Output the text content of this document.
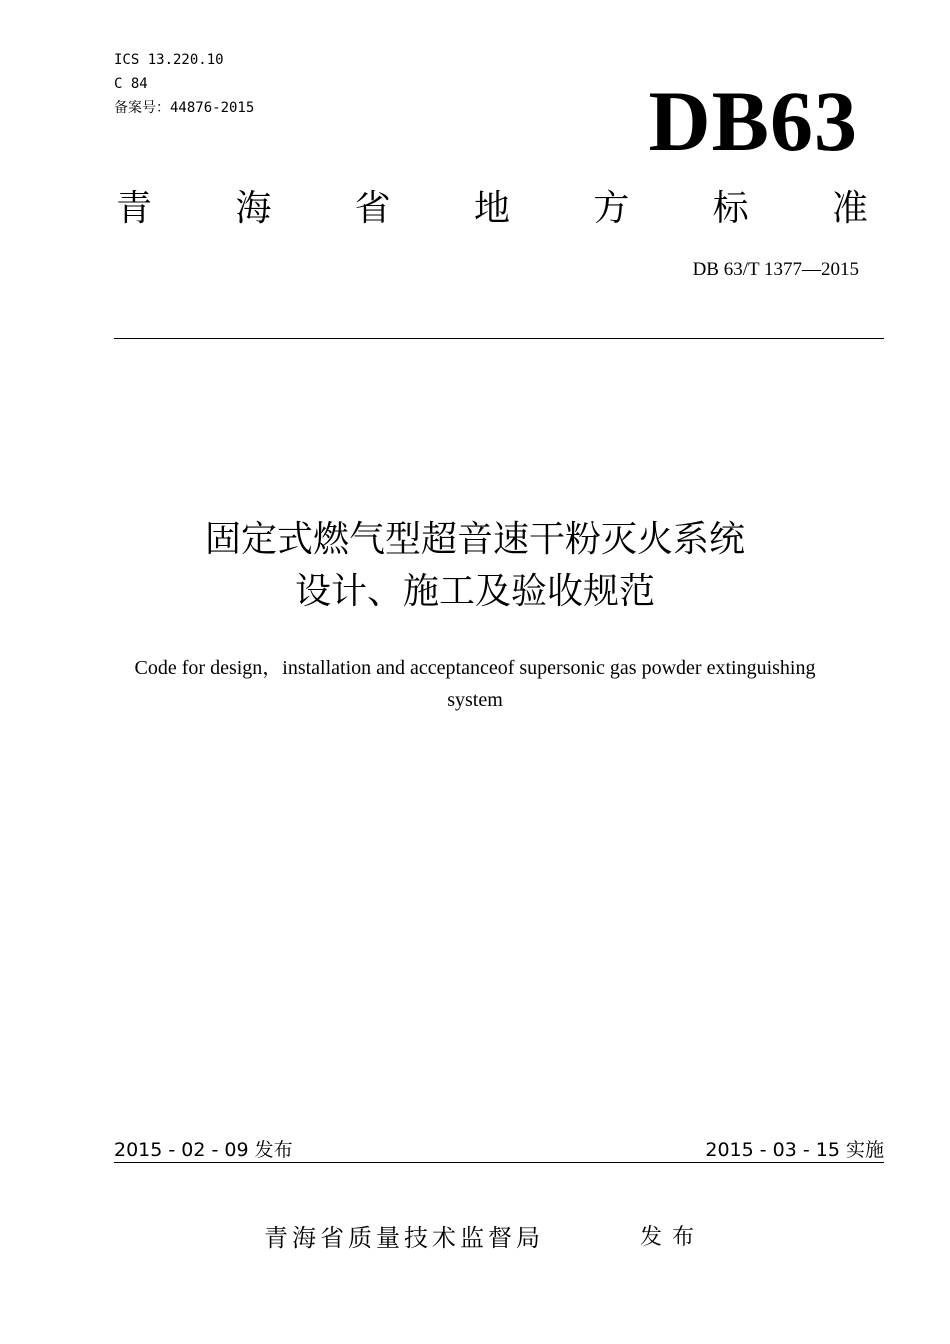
ICS 13.220.10
C 84
备案号：44876-2015	DB63
青 海 省 地 方 标 准
DB 63/T 1377—2015
固定式燃气型超音速干粉灭火系统
设计、施工及验收规范
Code for design，installation and acceptanceof supersonic gas powder extinguishing
system
2015 - 02 - 09 发布	2015 - 03 - 15 实施
青海省质量技术监督局	发布
